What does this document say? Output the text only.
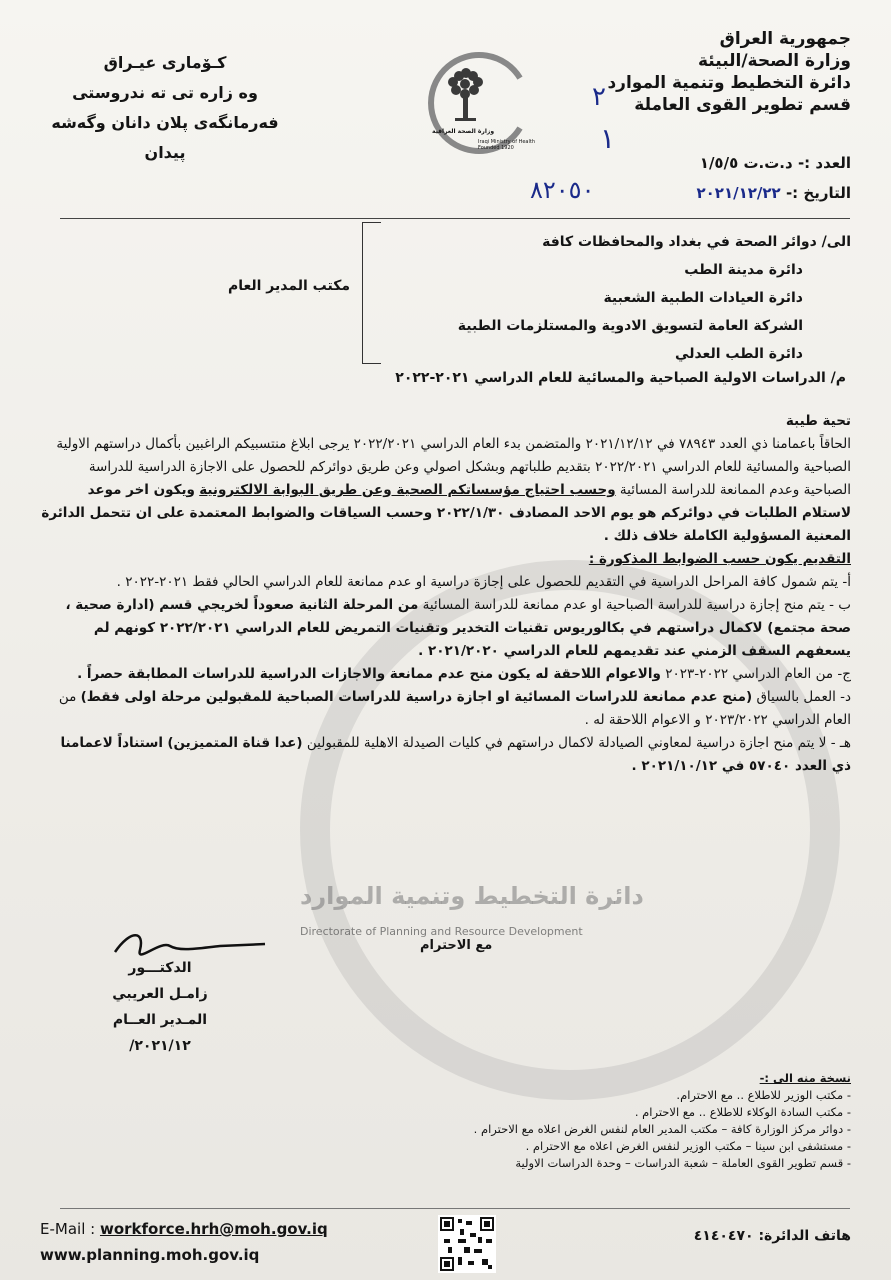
جمهورية العراق
وزارة الصحة/البيئة
دائرة التخطيط وتنمية الموارد
قسم تطوير القوى العاملة
كـۆمارى عيـراق
وه زاره‌ تى ته ندروستى
فه‌رمانگه‌ى پلان دانان وگه‌شه پيدان
وزارة الصحة العراقية
Iraqi Ministry of Health
Founded 1920
٢
١
٨٢٠٥٠
العدد :- د.ت.ت ١/٥/٥
التاريخ :- ٢٠٢١/١٢/٢٢
مكتب المدير العام
الى/ دوائر الصحة في بغداد والمحافظات كافة
دائرة مدينة الطب
دائرة العيادات الطبية الشعبية
الشركة العامة لتسويق الادوية والمستلزمات الطبية
دائرة الطب العدلي
م/ الدراسات الاولية الصباحية والمسائية للعام الدراسي ٢٠٢١-٢٠٢٢

تحية طيبة

الحاقاً باعمامنا ذي العدد ٧٨٩٤٣ في ٢٠٢١/١٢/١٢ والمتضمن بدء العام الدراسي ٢٠٢٢/٢٠٢١ يرجى ابلاغ منتسبيكم الراغبين بأكمال دراستهم الاولية الصباحية والمسائية للعام الدراسي ٢٠٢٢/٢٠٢١ بتقديم طلباتهم وبشكل اصولي وعن طريق دوائركم للحصول على الاجازة الدراسية للدراسة الصباحية وعدم الممانعة للدراسة المسائية وحسب احتياج مؤسساتكم الصحية وعن طريق البوابة الالكترونية ويكون اخر موعد لاستلام الطلبات في دوائركم هو يوم الاحد المصادف ٢٠٢٢/١/٣٠ وحسب السياقات والضوابط المعتمدة على ان تتحمل الدائرة المعنية المسؤولية الكاملة خلاف ذلك .

التقديم يكون حسب الضوابط المذكورة :

أ- يتم شمول كافة المراحل الدراسية في التقديم للحصول على إجازة دراسية او عدم ممانعة للعام الدراسي الحالي فقط ٢٠٢١-٢٠٢٢ .

ب - يتم منح إجازة دراسية للدراسة الصباحية او عدم ممانعة للدراسة المسائية من المرحلة الثانية صعوداً لخريجي قسم (ادارة صحية ، صحة مجتمع) لاكمال دراستهم في بكالوريوس تقنيات التخدير وتقنيات التمريض للعام الدراسي ٢٠٢٢/٢٠٢١ كونهم لم يسعفهم السقف الزمني عند تقديمهم للعام الدراسي ٢٠٢١/٢٠٢٠ .

ج- من العام الدراسي ٢٠٢٢-٢٠٢٣ والاعوام اللاحقة له يكون منح عدم ممانعة والاجازات الدراسية للدراسات المطابقة حصراً .

د- العمل بالسياق (منح عدم ممانعة للدراسات المسائية او اجازة دراسية للدراسات الصباحية للمقبولين مرحلة اولى فقط) من العام الدراسي ٢٠٢٣/٢٠٢٢ و الاعوام اللاحقة له .

هـ - لا يتم منح اجازة دراسية لمعاوني الصيادلة لاكمال دراستهم في كليات الصيدلة الاهلية للمقبولين (عدا قناة المتميزين) استناداً لاعمامنا ذي العدد ٥٧٠٤٠ في ٢٠٢١/١٠/١٢ .

دائرة التخطيط وتنمية الموارد
Directorate of Planning and Resource Development
مع الاحترام
الدكتـــور
زامـل العريبي
المـدير العــام
٢٠٢١/١٢/
نسخة منه الى :-
- مكتب الوزير للاطلاع .. مع الاحترام.
- مكتب السادة الوكلاء للاطلاع .. مع الاحترام .
- دوائر مركز الوزارة كافة – مكتب المدير العام لنفس الغرض اعلاه مع الاحترام .
- مستشفى ابن سينا – مكتب الوزير لنفس الغرض اعلاه مع الاحترام .
- قسم تطوير القوى العاملة – شعبة الدراسات – وحدة الدراسات الاولية
E-Mail : workforce.hrh@moh.gov.iq
www.planning.moh.gov.iq
هاتف الدائرة: ٤١٤٠٤٧٠
